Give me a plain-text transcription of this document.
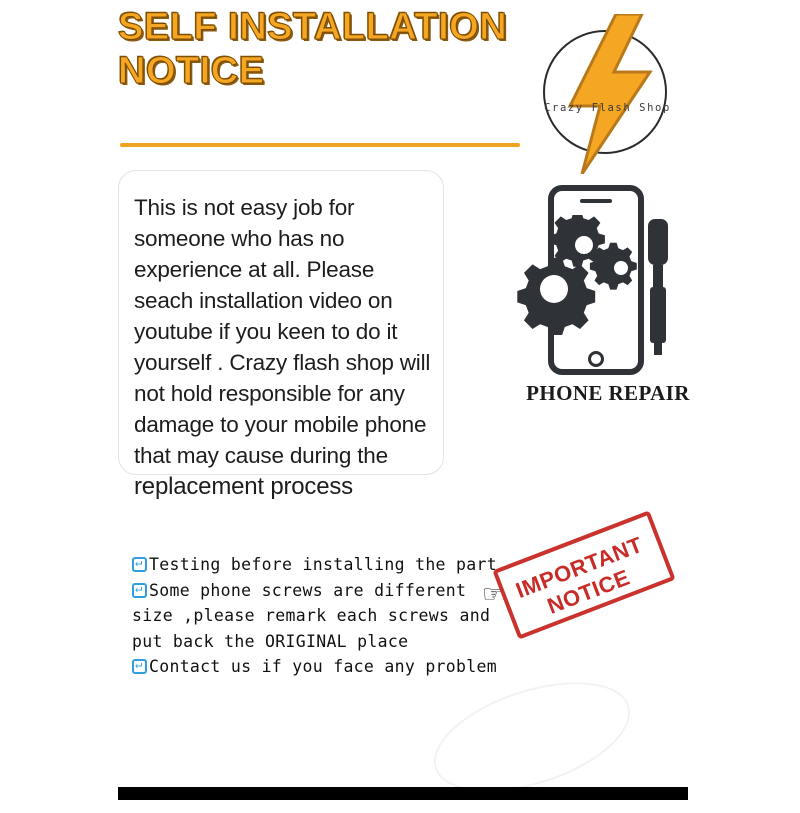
SELF INSTALLATION NOTICE
Crazy Flash Shop
This is not easy job for someone who has no experience at all. Please seach installation video on youtube if you keen to do it yourself . Crazy flash shop will not hold responsible for any damage to your mobile phone that may cause during the replacement process
PHONE REPAIR
↵Testing before installing the part
↵Some phone screws are different size ,please remark each screws and put back the ORIGINAL place
↵Contact us if you face any problem
☞ IMPORTANT NOTICE
